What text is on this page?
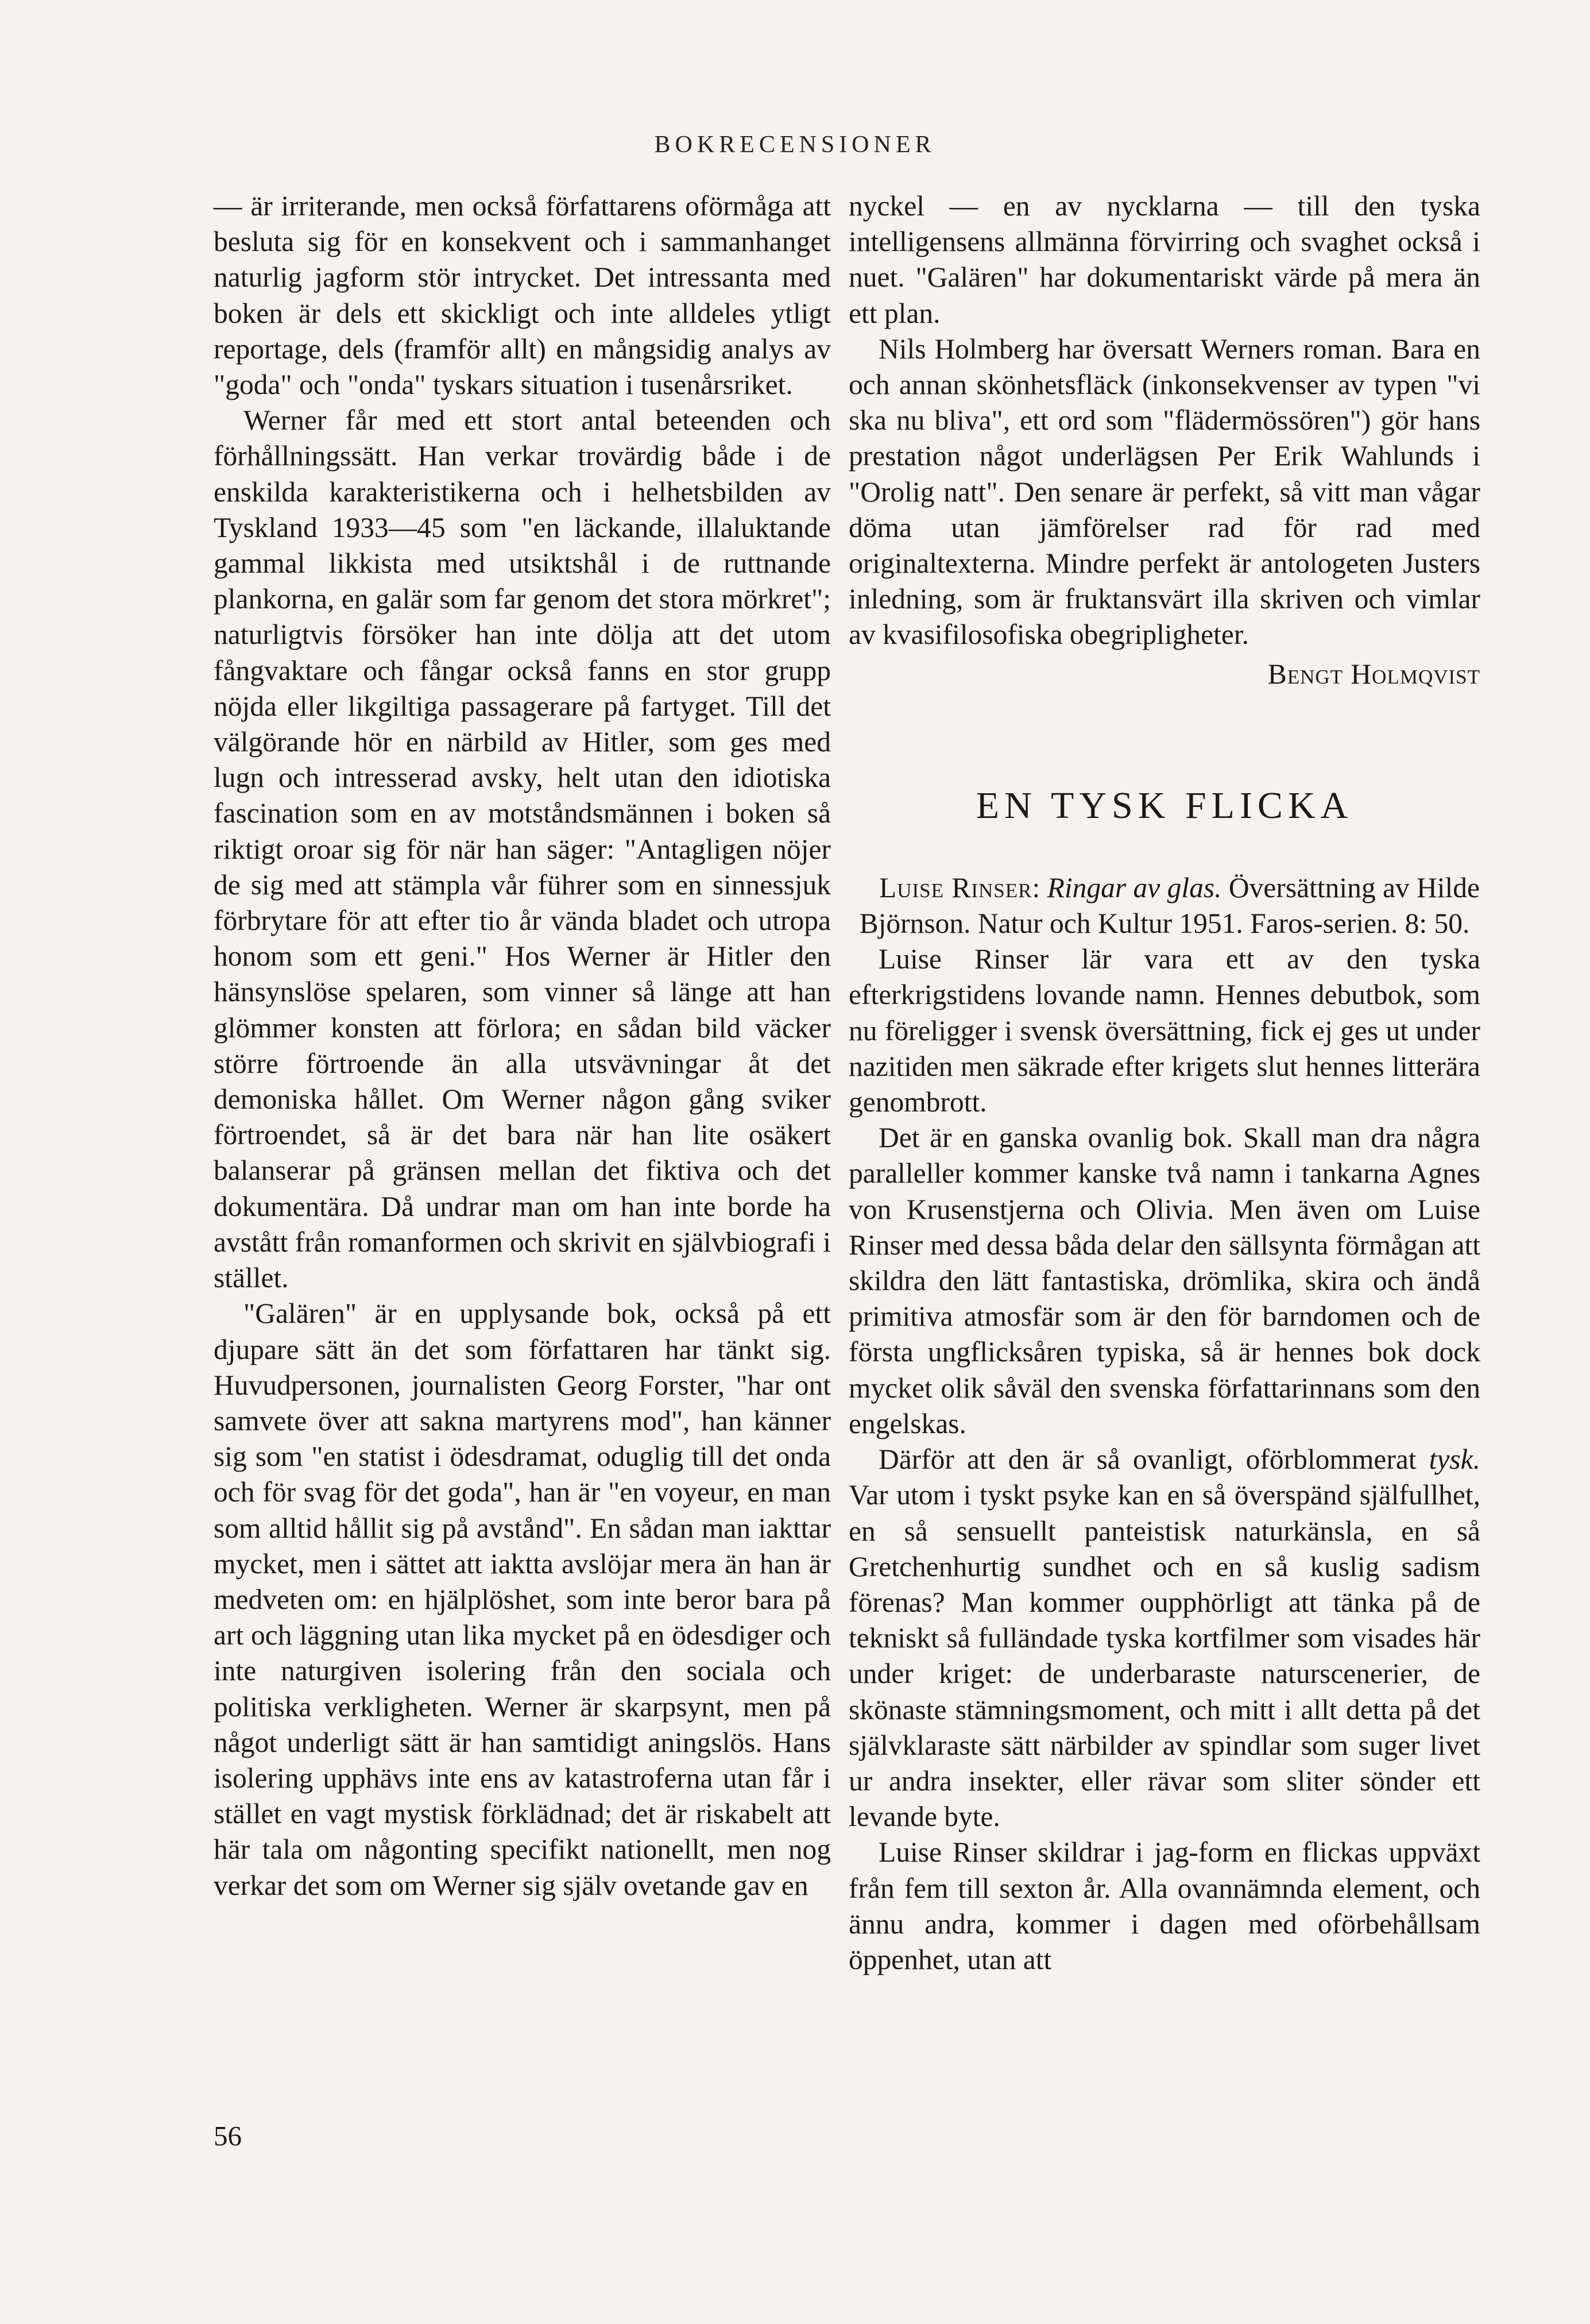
BOKRECENSIONER

— är irriterande, men också författarens oförmåga att besluta sig för en konsekvent och i sammanhanget naturlig jagform stör intrycket. Det intressanta med boken är dels ett skickligt och inte alldeles ytligt reportage, dels (framför allt) en mångsidig analys av "goda" och "onda" tyskars situation i tusenårsriket.

Werner får med ett stort antal beteenden och förhållningssätt. Han verkar trovärdig både i de enskilda karakteristikerna och i helhetsbilden av Tyskland 1933—45 som "en läckande, illaluktande gammal likkista med utsiktshål i de ruttnande plankorna, en galär som far genom det stora mörkret"; naturligtvis försöker han inte dölja att det utom fångvaktare och fångar också fanns en stor grupp nöjda eller likgiltiga passagerare på fartyget. Till det välgörande hör en närbild av Hitler, som ges med lugn och intresserad avsky, helt utan den idiotiska fascination som en av motståndsmännen i boken så riktigt oroar sig för när han säger: "Antagligen nöjer de sig med att stämpla vår führer som en sinnessjuk förbrytare för att efter tio år vända bladet och utropa honom som ett geni." Hos Werner är Hitler den hänsynslöse spelaren, som vinner så länge att han glömmer konsten att förlora; en sådan bild väcker större förtroende än alla utsvävningar åt det demoniska hållet. Om Werner någon gång sviker förtroendet, så är det bara när han lite osäkert balanserar på gränsen mellan det fiktiva och det dokumentära. Då undrar man om han inte borde ha avstått från romanformen och skrivit en självbiografi i stället.

"Galären" är en upplysande bok, också på ett djupare sätt än det som författaren har tänkt sig. Huvudpersonen, journalisten Georg Forster, "har ont samvete över att sakna martyrens mod", han känner sig som "en statist i ödesdramat, oduglig till det onda och för svag för det goda", han är "en voyeur, en man som alltid hållit sig på avstånd". En sådan man iakttar mycket, men i sättet att iaktta avslöjar mera än han är medveten om: en hjälplöshet, som inte beror bara på art och läggning utan lika mycket på en ödesdiger och inte naturgiven isolering från den sociala och politiska verkligheten. Werner är skarpsynt, men på något underligt sätt är han samtidigt aningslös. Hans isolering upphävs inte ens av katastroferna utan får i stället en vagt mystisk förklädnad; det är riskabelt att här tala om någonting specifikt nationellt, men nog verkar det som om Werner sig själv ovetande gav en

nyckel — en av nycklarna — till den tyska intelligensens allmänna förvirring och svaghet också i nuet. "Galären" har dokumentariskt värde på mera än ett plan.

Nils Holmberg har översatt Werners roman. Bara en och annan skönhetsfläck (inkonsekvenser av typen "vi ska nu bliva", ett ord som "flädermössören") gör hans prestation något underlägsen Per Erik Wahlunds i "Orolig natt". Den senare är perfekt, så vitt man vågar döma utan jämförelser rad för rad med originaltexterna. Mindre perfekt är antologeten Justers inledning, som är fruktansvärt illa skriven och vimlar av kvasifilosofiska obegripligheter.

Bengt Holmqvist
EN TYSK FLICKA

Luise Rinser: Ringar av glas. Översättning av Hilde Björnson. Natur och Kultur 1951. Faros-serien. 8: 50.

Luise Rinser lär vara ett av den tyska efterkrigstidens lovande namn. Hennes debutbok, som nu föreligger i svensk översättning, fick ej ges ut under nazitiden men säkrade efter krigets slut hennes litterära genombrott.

Det är en ganska ovanlig bok. Skall man dra några paralleller kommer kanske två namn i tankarna Agnes von Krusenstjerna och Olivia. Men även om Luise Rinser med dessa båda delar den sällsynta förmågan att skildra den lätt fantastiska, drömlika, skira och ändå primitiva atmosfär som är den för barndomen och de första ungflicksåren typiska, så är hennes bok dock mycket olik såväl den svenska författarinnans som den engelskas.

Därför att den är så ovanligt, oförblommerat tysk. Var utom i tyskt psyke kan en så överspänd själfullhet, en så sensuellt panteistisk naturkänsla, en så Gretchenhurtig sundhet och en så kuslig sadism förenas? Man kommer oupphörligt att tänka på de tekniskt så fulländade tyska kortfilmer som visades här under kriget: de underbaraste naturscenerier, de skönaste stämningsmoment, och mitt i allt detta på det självklaraste sätt närbilder av spindlar som suger livet ur andra insekter, eller rävar som sliter sönder ett levande byte.

Luise Rinser skildrar i jag-form en flickas uppväxt från fem till sexton år. Alla ovannämnda element, och ännu andra, kommer i dagen med oförbehållsam öppenhet, utan att

56
